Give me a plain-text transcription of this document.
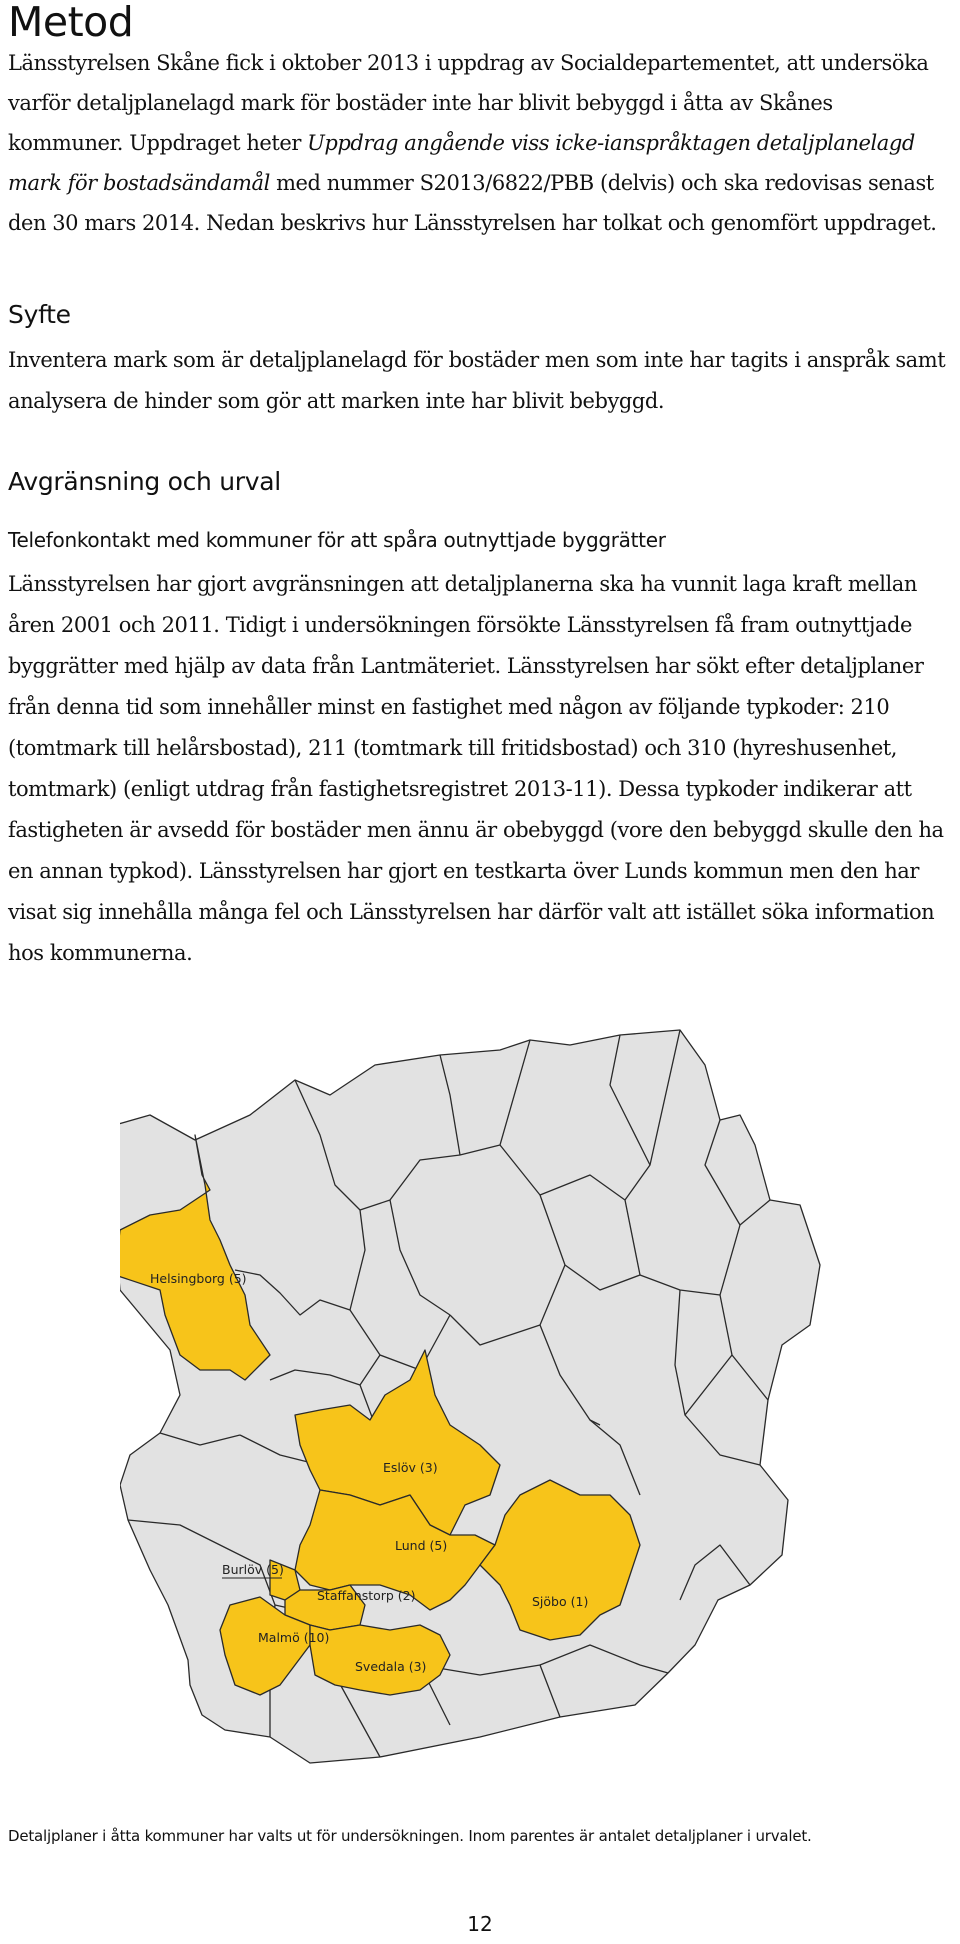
Metod

Länsstyrelsen Skåne fick i oktober 2013 i uppdrag av Socialdepartementet, att undersöka varför detaljplanelagd mark för bostäder inte har blivit bebyggd i åtta av Skånes kommuner. Uppdraget heter Uppdrag angående viss icke-ianspråktagen detaljplanelagd mark för bostadsändamål med nummer S2013/6822/PBB (delvis) och ska redovisas senast den 30 mars 2014. Nedan beskrivs hur Länsstyrelsen har tolkat och genomfört uppdraget.

Syfte

Inventera mark som är detaljplanelagd för bostäder men som inte har tagits i anspråk samt analysera de hinder som gör att marken inte har blivit bebyggd.

Avgränsning och urval
Telefonkontakt med kommuner för att spåra outnyttjade byggrätter

Länsstyrelsen har gjort avgränsningen att detaljplanerna ska ha vunnit laga kraft mellan åren 2001 och 2011. Tidigt i undersökningen försökte Länsstyrelsen få fram outnyttjade byggrätter med hjälp av data från Lantmäteriet. Länsstyrelsen har sökt efter detaljplaner från denna tid som innehåller minst en fastighet med någon av följande typkoder: 210 (tomtmark till helårsbostad), 211 (tomtmark till fritidsbostad) och 310 (hyreshusenhet, tomtmark) (enligt utdrag från fastighetsregistret 2013-11). Dessa typkoder indikerar att fastigheten är avsedd för bostäder men ännu är obebyggd (vore den bebyggd skulle den ha en annan typkod). Länsstyrelsen har gjort en testkarta över Lunds kommun men den har visat sig innehålla många fel och Länsstyrelsen har därför valt att istället söka information hos kommunerna.

Helsingborg (5)
Eslöv (3)
Lund (5)
Burlöv (5)
Staffanstorp (2)	Sjöbo (1)
Malmö (10)
Svedala (3)

Detaljplaner i åtta kommuner har valts ut för undersökningen. Inom parentes är antalet detaljplaner i urvalet.

12
